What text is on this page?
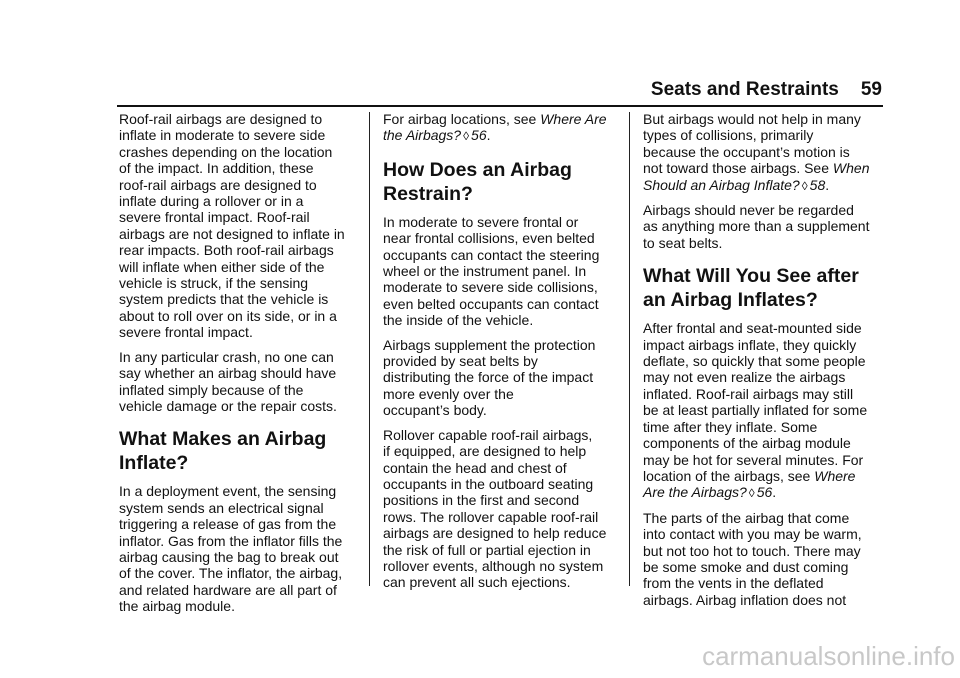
Seats and Restraints 59

Roof-rail airbags are designed to
inflate in moderate to severe side
crashes depending on the location
of the impact. In addition, these
roof-rail airbags are designed to
inflate during a rollover or in a
severe frontal impact. Roof-rail
airbags are not designed to inflate in
rear impacts. Both roof-rail airbags
will inflate when either side of the
vehicle is struck, if the sensing
system predicts that the vehicle is
about to roll over on its side, or in a
severe frontal impact.

In any particular crash, no one can
say whether an airbag should have
inflated simply because of the
vehicle damage or the repair costs.

What Makes an Airbag
Inflate?

In a deployment event, the sensing
system sends an electrical signal
triggering a release of gas from the
inflator. Gas from the inflator fills the
airbag causing the bag to break out
of the cover. The inflator, the airbag,
and related hardware are all part of
the airbag module.

For airbag locations, see Where Are
the Airbags? ◊ 56.

How Does an Airbag
Restrain?

In moderate to severe frontal or
near frontal collisions, even belted
occupants can contact the steering
wheel or the instrument panel. In
moderate to severe side collisions,
even belted occupants can contact
the inside of the vehicle.

Airbags supplement the protection
provided by seat belts by
distributing the force of the impact
more evenly over the
occupant’s body.

Rollover capable roof-rail airbags,
if equipped, are designed to help
contain the head and chest of
occupants in the outboard seating
positions in the first and second
rows. The rollover capable roof-rail
airbags are designed to help reduce
the risk of full or partial ejection in
rollover events, although no system
can prevent all such ejections.

But airbags would not help in many
types of collisions, primarily
because the occupant’s motion is
not toward those airbags. See When
Should an Airbag Inflate? ◊ 58.

Airbags should never be regarded
as anything more than a supplement
to seat belts.

What Will You See after
an Airbag Inflates?

After frontal and seat-mounted side
impact airbags inflate, they quickly
deflate, so quickly that some people
may not even realize the airbags
inflated. Roof-rail airbags may still
be at least partially inflated for some
time after they inflate. Some
components of the airbag module
may be hot for several minutes. For
location of the airbags, see Where
Are the Airbags? ◊ 56.

The parts of the airbag that come
into contact with you may be warm,
but not too hot to touch. There may
be some smoke and dust coming
from the vents in the deflated
airbags. Airbag inflation does not

carmanualsonline.info
